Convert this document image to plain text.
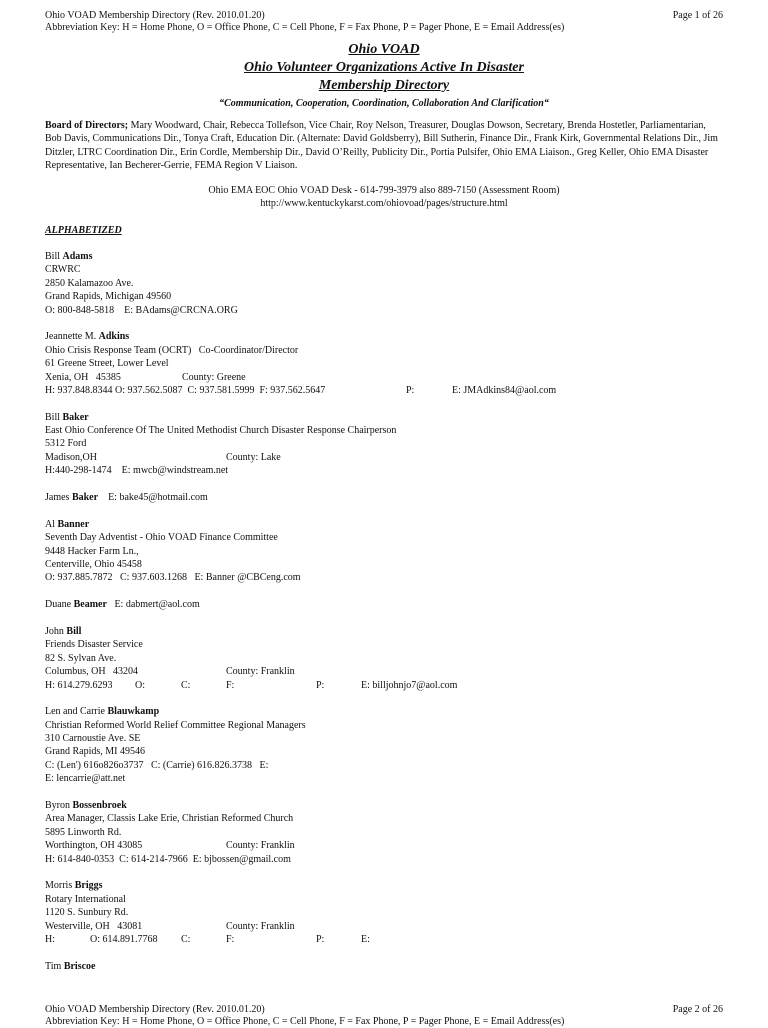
Ohio VOAD Membership Directory (Rev. 2010.01.20)	Page 1 of 26
Abbreviation Key: H = Home Phone, O = Office Phone, C = Cell Phone, F = Fax Phone, P = Pager Phone, E = Email Address(es)
Ohio VOAD
Ohio Volunteer Organizations Active In Disaster
Membership Directory
“Communication, Cooperation, Coordination, Collaboration And Clarification“
Board of Directors; Mary Woodward, Chair, Rebecca Tollefson, Vice Chair, Roy Nelson, Treasurer, Douglas Dowson, Secretary, Brenda Hostetler, Parliamentarian, Bob Davis, Communications Dir., Tonya Craft, Education Dir. (Alternate: David Goldsberry), Bill Sutherin, Finance Dir., Frank Kirk, Governmental Relations Dir., Jim Ditzler, LTRC Coordination Dir., Erin Cordle, Membership Dir., David O’Reilly, Publicity Dir., Portia Pulsifer, Ohio EMA Liaison., Greg Keller, Ohio EMA Disaster Representative, Ian Becherer-Gerrie, FEMA Region V Liaison.
Ohio EMA EOC Ohio VOAD Desk - 614-799-3979 also 889-7150 (Assessment Room)
http://www.kentuckykarst.com/ohiovoad/pages/structure.html
ALPHABETIZED
Bill Adams
CRWRC
2850 Kalamazoo Ave.
Grand Rapids, Michigan 49560
O: 800-848-5818    E: BAdams@CRCNA.ORG
Jeannette M. Adkins
Ohio Crisis Response Team (OCRT)   Co-Coordinator/Director
61 Greene Street, Lower Level
Xenia, OH   45385	County: Greene
H: 937.848.8344 O: 937.562.5087  C: 937.581.5999  F: 937.562.5647	P:	E: JMAdkins84@aol.com
Bill Baker
East Ohio Conference Of The United Methodist Church Disaster Response Chairperson
5312 Ford
Madison,OH	County: Lake
H:440-298-1474    E: mwcb@windstream.net
James Baker    E: bake45@hotmail.com
Al Banner
Seventh Day Adventist - Ohio VOAD Finance Committee
9448 Hacker Farm Ln.,
Centerville, Ohio 45458
O: 937.885.7872   C: 937.603.1268   E: Banner @CBCeng.com
Duane Beamer   E: dabmert@aol.com
John Bill
Friends Disaster Service
82 S. Sylvan Ave.
Columbus, OH   43204	County: Franklin
H: 614.279.6293 O:	C:	F:	P:	E: billjohnjo7@aol.com
Len and Carrie Blauwkamp
Christian Reformed World Relief Committee Regional Managers
310 Carnoustie Ave. SE
Grand Rapids, MI 49546
C: (Len') 616o826o3737   C: (Carrie) 616.826.3738   E:
E: lencarrie@att.net
Byron Bossenbroek
Area Manager, Classis Lake Erie, Christian Reformed Church
5895 Linworth Rd.
Worthington, OH 43085	County: Franklin
H: 614-840-0353  C: 614-214-7966  E: bjbossen@gmail.com
Morris Briggs
Rotary International
1120 S. Sunbury Rd.
Westerville, OH   43081	County: Franklin
H:	O: 614.891.7768 C:	F:	P:	E:
Tim Briscoe
Ohio VOAD Membership Directory (Rev. 2010.01.20)	Page 2 of 26
Abbreviation Key: H = Home Phone, O = Office Phone, C = Cell Phone, F = Fax Phone, P = Pager Phone, E = Email Address(es)
